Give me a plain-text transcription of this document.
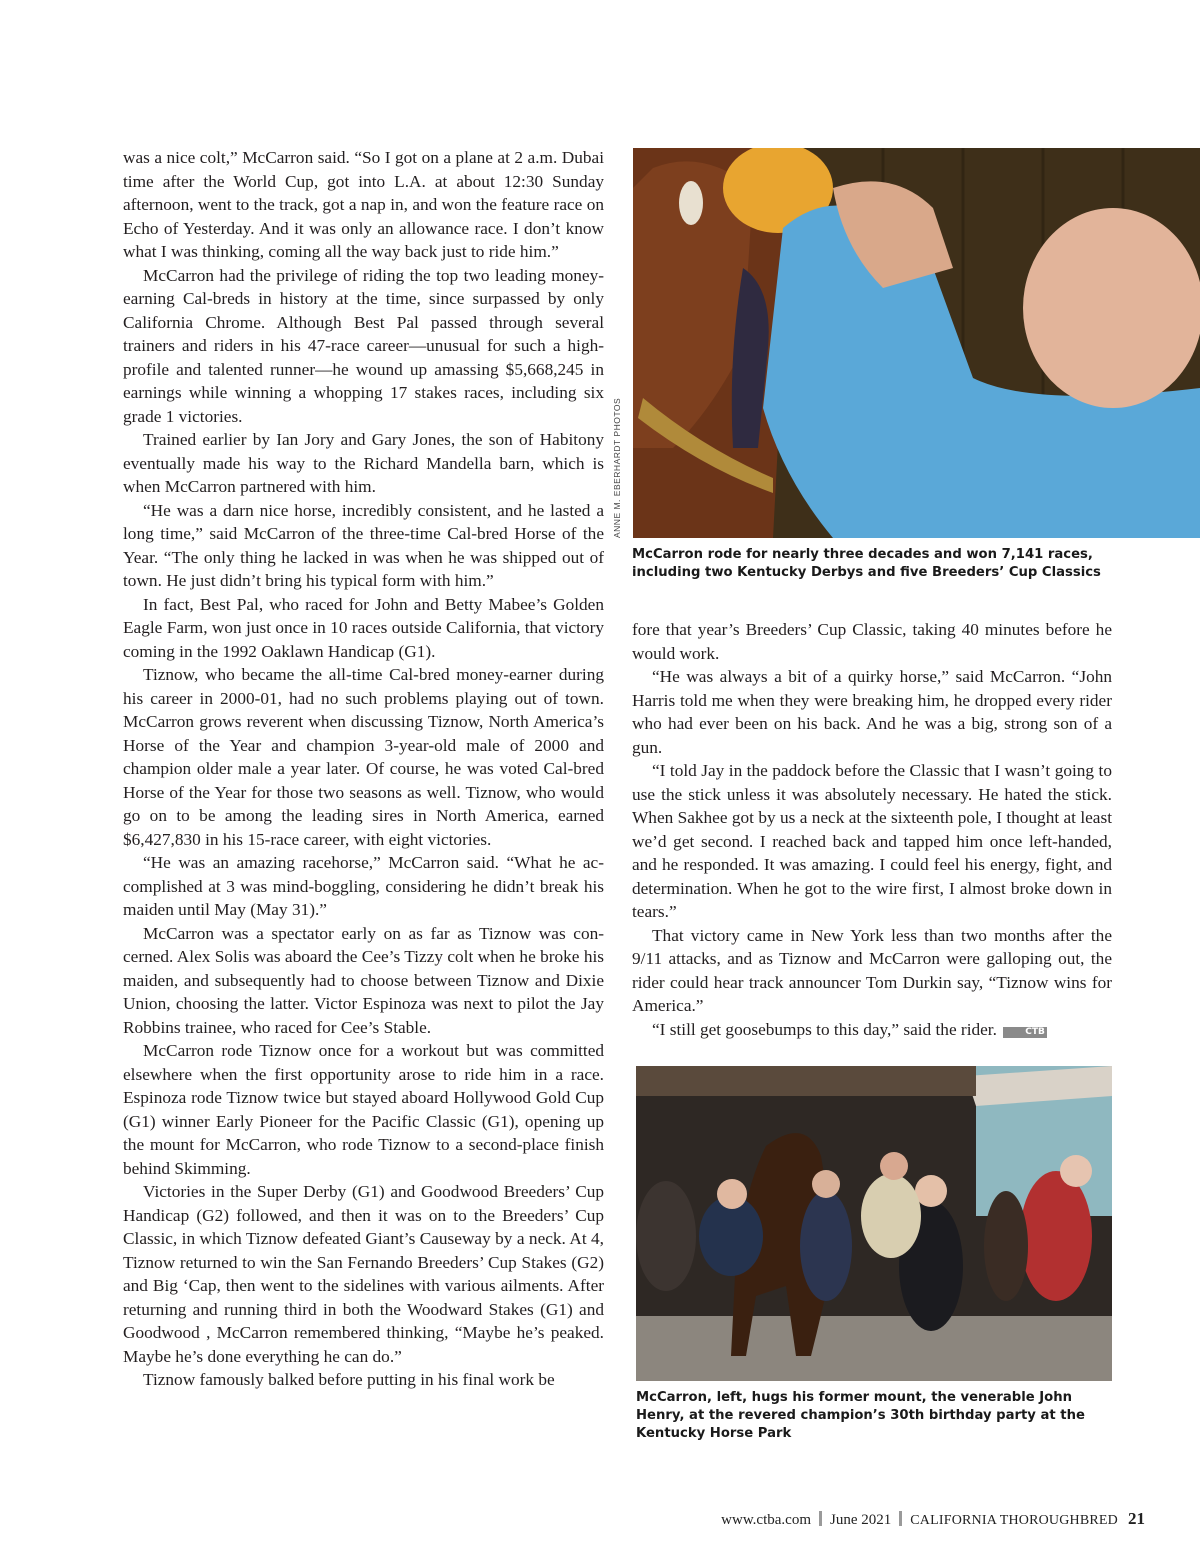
was a nice colt,” McCarron said. “So I got on a plane at 2 a.m. Dubai time after the World Cup, got into L.A. at about 12:30 Sunday afternoon, went to the track, got a nap in, and won the feature race on Echo of Yesterday. And it was only an allowance race. I don’t know what I was thinking, coming all the way back just to ride him.”

McCarron had the privilege of riding the top two leading money-earning Cal-breds in history at the time, since surpassed by only California Chrome. Although Best Pal passed through several trainers and riders in his 47-race career—unusual for such a high-profile and talented runner—he wound up amassing $5,668,245 in earnings while winning a whopping 17 stakes races, including six grade 1 victories.

Trained earlier by Ian Jory and Gary Jones, the son of Habitony eventually made his way to the Richard Mandella barn, which is when McCarron partnered with him.

“He was a darn nice horse, incredibly consistent, and he lasted a long time,” said McCarron of the three-time Cal-bred Horse of the Year. “The only thing he lacked in was when he was shipped out of town. He just didn’t bring his typical form with him.”

In fact, Best Pal, who raced for John and Betty Mabee’s Golden Eagle Farm, won just once in 10 races outside California, that victory coming in the 1992 Oaklawn Handicap (G1).

Tiznow, who became the all-time Cal-bred money-earner during his career in 2000-01, had no such problems playing out of town. McCarron grows reverent when discussing Tiznow, North America’s Horse of the Year and champion 3-year-old male of 2000 and champion older male a year later. Of course, he was voted Cal-bred Horse of the Year for those two seasons as well. Tiznow, who would go on to be among the leading sires in North America, earned $6,427,830 in his 15-race career, with eight victories.

“He was an amazing racehorse,” McCarron said. “What he accomplished at 3 was mind-boggling, considering he didn’t break his maiden until May (May 31).”

McCarron was a spectator early on as far as Tiznow was concerned. Alex Solis was aboard the Cee’s Tizzy colt when he broke his maiden, and subsequently had to choose between Tiznow and Dixie Union, choosing the latter. Victor Espinoza was next to pilot the Jay Robbins trainee, who raced for Cee’s Stable.

McCarron rode Tiznow once for a workout but was committed elsewhere when the first opportunity arose to ride him in a race. Espinoza rode Tiznow twice but stayed aboard Hollywood Gold Cup (G1) winner Early Pioneer for the Pacific Classic (G1), opening up the mount for McCarron, who rode Tiznow to a second-place finish behind Skimming.

Victories in the Super Derby (G1) and Goodwood Breeders’ Cup Handicap (G2) followed, and then it was on to the Breeders’ Cup Classic, in which Tiznow defeated Giant’s Causeway by a neck. At 4, Tiznow returned to win the San Fernando Breeders’ Cup Stakes (G2) and Big ‘Cap, then went to the sidelines with various ailments. After returning and running third in both the Woodward Stakes (G1) and Goodwood , McCarron remembered thinking, “Maybe he’s peaked. Maybe he’s done everything he can do.”

Tiznow famously balked before putting in his final work be

ANNE M. EBERHARDT PHOTOS
McCarron rode for nearly three decades and won 7,141 races, including two Kentucky Derbys and five Breeders’ Cup Classics

fore that year’s Breeders’ Cup Classic, taking 40 minutes before he would work.

“He was always a bit of a quirky horse,” said McCarron. “John Harris told me when they were breaking him, he dropped every rider who had ever been on his back. And he was a big, strong son of a gun.

“I told Jay in the paddock before the Classic that I wasn’t going to use the stick unless it was absolutely necessary. He hated the stick. When Sakhee got by us a neck at the sixteenth pole, I thought at least we’d get second. I reached back and tapped him once left-handed, and he responded. It was amazing. I could feel his energy, fight, and determination. When he got to the wire first, I almost broke down in tears.”

That victory came in New York less than two months after the 9/11 attacks, and as Tiznow and McCarron were galloping out, the rider could hear track announcer Tom Durkin say, “Tiznow wins for America.”

“I still get goosebumps to this day,” said the rider.	CTB

McCarron, left, hugs his former mount, the venerable John Henry, at the revered champion’s 30th birthday party at the Kentucky Horse Park
www.ctba.com June 2021 CALIFORNIA THOROUGHBRED 21
